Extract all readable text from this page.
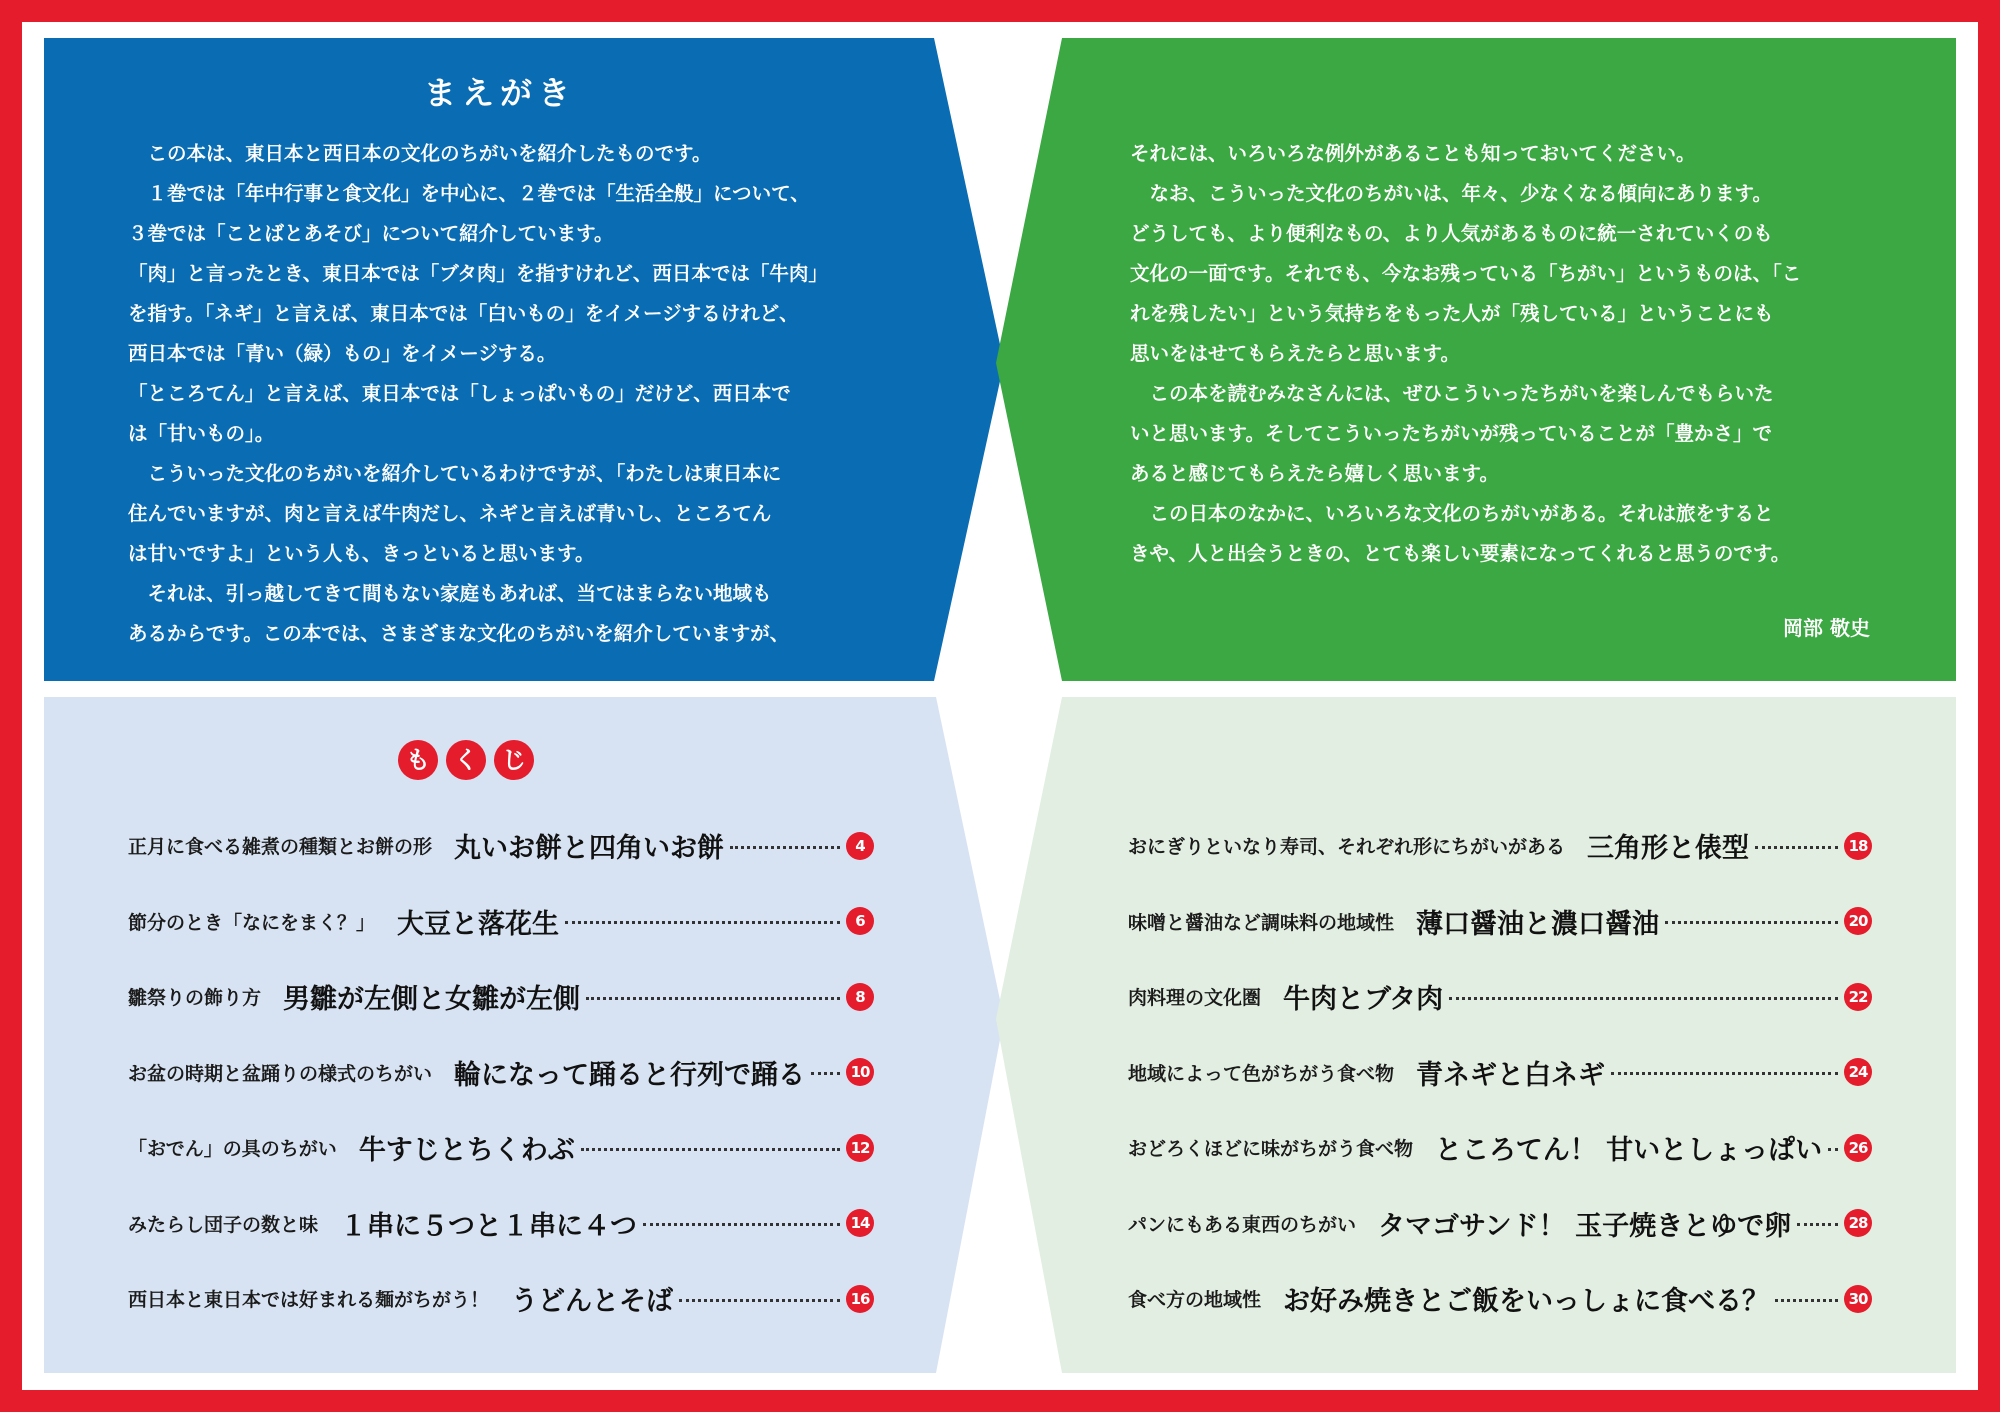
まえがき
　この本は、東日本と西日本の文化のちがいを紹介したものです。
　１巻では「年中行事と食文化」を中心に、２巻では「生活全般」について、
３巻では「ことばとあそび」について紹介しています。
「肉」と言ったとき、東日本では「ブタ肉」を指すけれど、西日本では「牛肉」
を指す。「ネギ」と言えば、東日本では「白いもの」をイメージするけれど、
西日本では「青い（緑）もの」をイメージする。
「ところてん」と言えば、東日本では「しょっぱいもの」だけど、西日本で
は「甘いもの」。
　こういった文化のちがいを紹介しているわけですが、「わたしは東日本に
住んでいますが、肉と言えば牛肉だし、ネギと言えば青いし、ところてん
は甘いですよ」という人も、きっといると思います。
　それは、引っ越してきて間もない家庭もあれば、当てはまらない地域も
あるからです。この本では、さまざまな文化のちがいを紹介していますが、
それには、いろいろな例外があることも知っておいてください。
　なお、こういった文化のちがいは、年々、少なくなる傾向にあります。
どうしても、より便利なもの、より人気があるものに統一されていくのも
文化の一面です。それでも、今なお残っている「ちがい」というものは、「こ
れを残したい」という気持ちをもった人が「残している」ということにも
思いをはせてもらえたらと思います。
　この本を読むみなさんには、ぜひこういったちがいを楽しんでもらいた
いと思います。そしてこういったちがいが残っていることが「豊かさ」で
あると感じてもらえたら嬉しく思います。
　この日本のなかに、いろいろな文化のちがいがある。それは旅をすると
きや、人と出会うときの、とても楽しい要素になってくれると思うのです。
岡部 敬史
も	く	じ
正月に食べる雑煮の種類とお餅の形 丸いお餅と四角いお餅	4
節分のとき「なにをまく？」 大豆と落花生	6
雛祭りの飾り方 男雛が左側と女雛が左側	8
お盆の時期と盆踊りの様式のちがい 輪になって踊ると行列で踊る	10
「おでん」の具のちがい 牛すじとちくわぶ	12
みたらし団子の数と味 １串に５つと１串に４つ	14
西日本と東日本では好まれる麺がちがう！ うどんとそば	16
おにぎりといなり寿司、それぞれ形にちがいがある 三角形と俵型	18
味噌と醤油など調味料の地域性 薄口醤油と濃口醤油	20
肉料理の文化圏 牛肉とブタ肉	22
地域によって色がちがう食べ物 青ネギと白ネギ	24
おどろくほどに味がちがう食べ物 ところてん！ 甘いとしょっぱい	26
パンにもある東西のちがい タマゴサンド！ 玉子焼きとゆで卵	28
食べ方の地域性 お好み焼きとご飯をいっしょに食べる？	30
